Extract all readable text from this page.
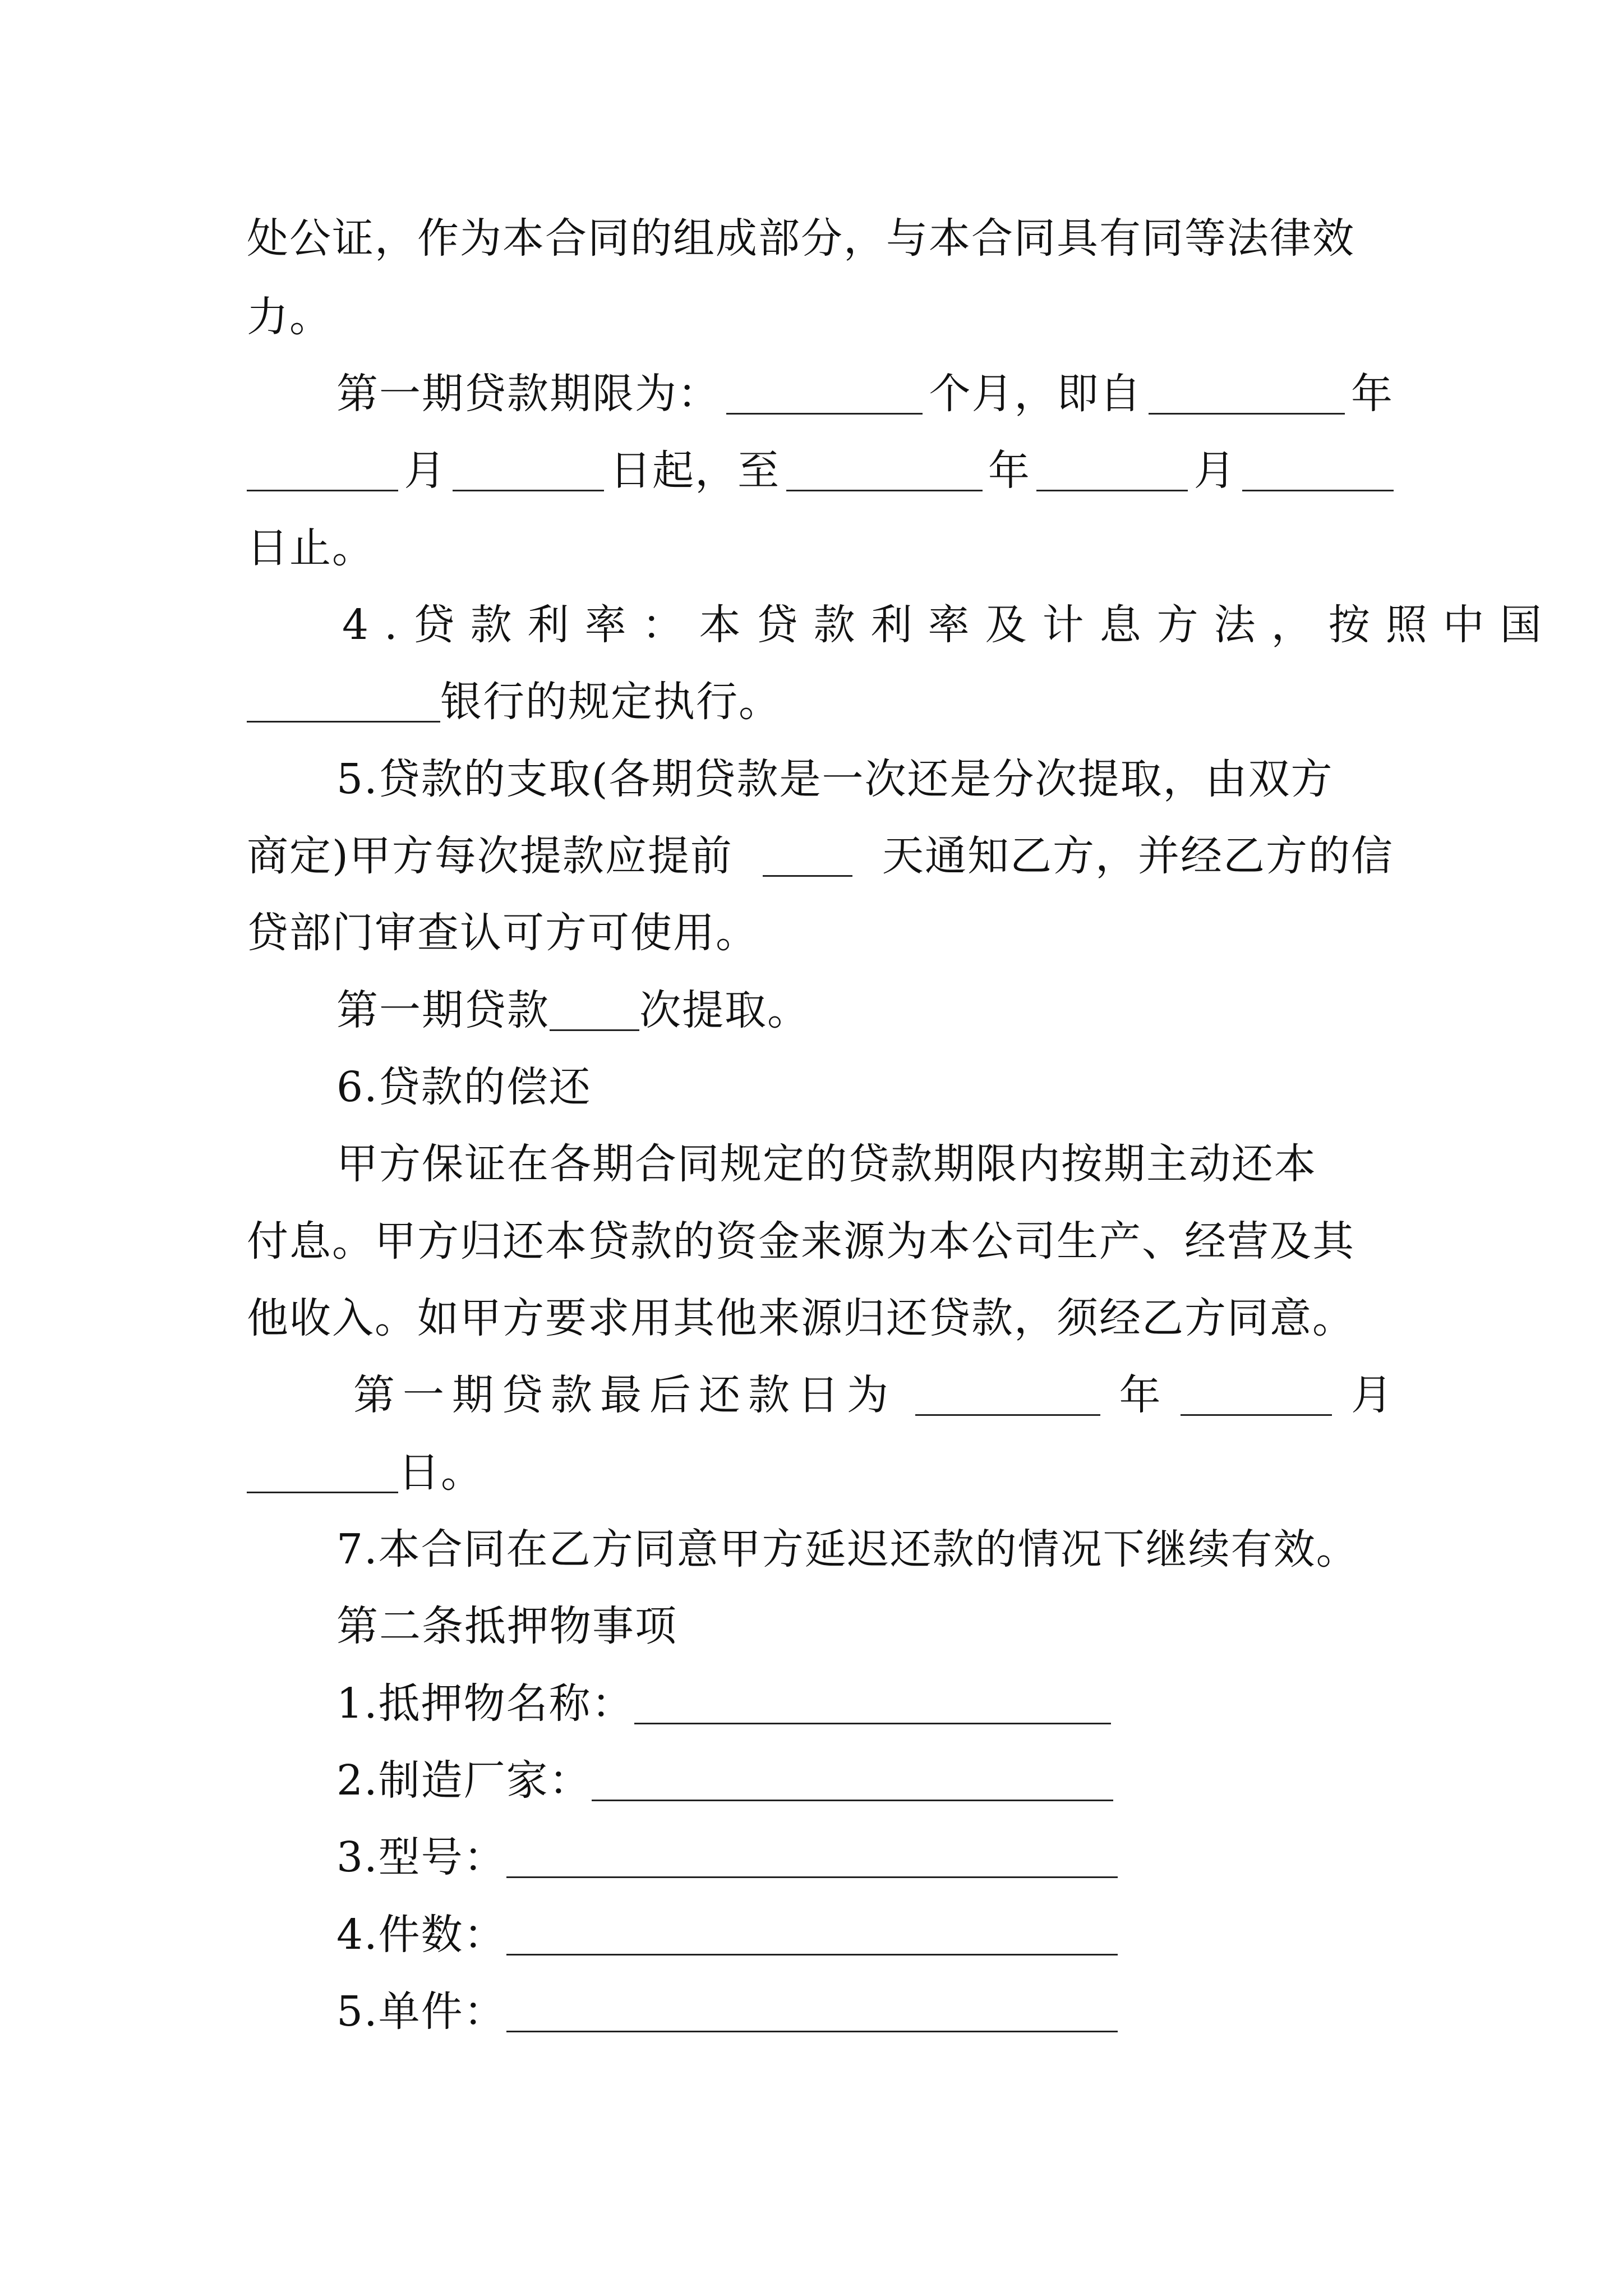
处公证，作为本合同的组成部分，与本合同具有同等法律效
力。
第一期贷款期限为：	个月，即自	年
月	日起，至	年	月
日止。
4.贷款利率：本贷款利率及计息方法，按照中国
银行的规定执行。
5.贷款的支取(各期贷款是一次还是分次提取，由双方
商定)甲方每次提款应提前	天通知乙方，并经乙方的信
贷部门审查认可方可使用。
第一期贷款 次提取。
6.贷款的偿还
甲方保证在各期合同规定的贷款期限内按期主动还本
付息。甲方归还本贷款的资金来源为本公司生产、经营及其
他收入。如甲方要求用其他来源归还贷款，须经乙方同意。
第一期贷款最后还款日为	年	月
日。
7.本合同在乙方同意甲方延迟还款的情况下继续有效。
第二条抵押物事项
1.抵押物名称：
2.制造厂家：
3.型号：
4.件数：
5.单件：
